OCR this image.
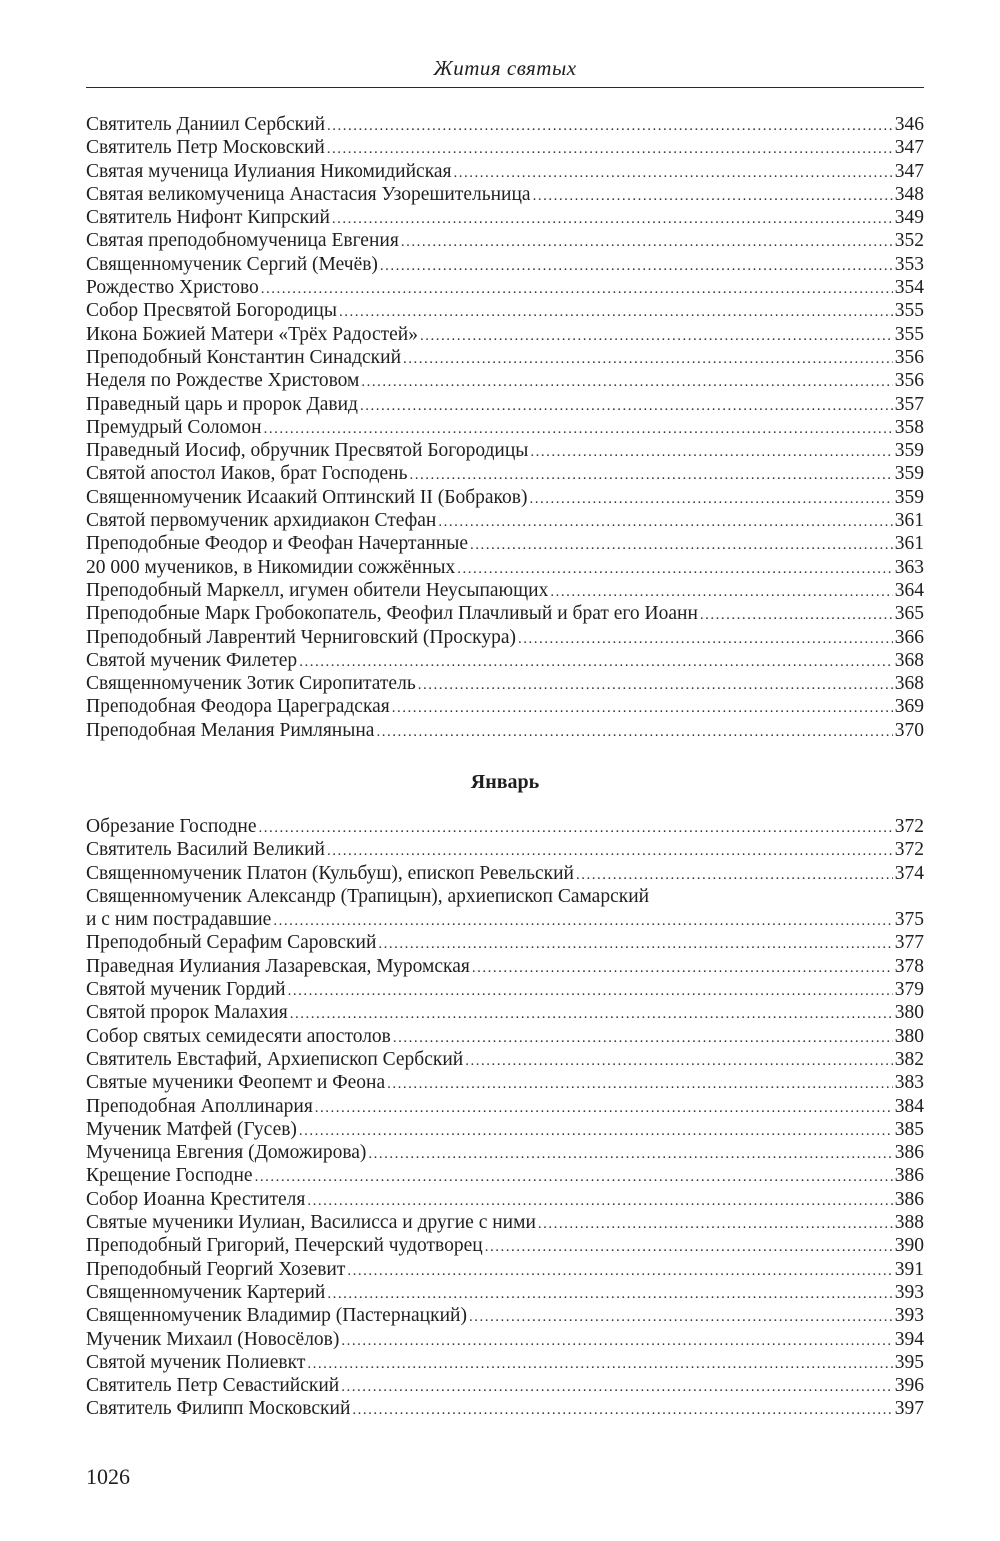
Жития святых
Святитель Даниил Сербский .....	346
Святитель Петр Московский .....	347
Святая мученица Иулиания Никомидийская .....	347
Святая великомученица Анастасия Узорешительница .....	348
Святитель Нифонт Кипрский .....	349
Святая преподобномученица Евгения .....	352
Священномученик Сергий (Мечёв) .....	353
Рождество Христово .....	354
Собор Пресвятой Богородицы .....	355
Икона Божией Матери «Трёх Радостей» .....	355
Преподобный Константин Синадский .....	356
Неделя по Рождестве Христовом .....	356
Праведный царь и пророк Давид .....	357
Премудрый Соломон .....	358
Праведный Иосиф, обручник Пресвятой Богородицы .....	359
Святой апостол Иаков, брат Господень .....	359
Священномученик Исаакий Оптинский II (Бобраков) .....	359
Святой первомученик архидиакон Стефан .....	361
Преподобные Феодор и Феофан Начертанные .....	361
20 000 мучеников, в Никомидии сожжённых .....	363
Преподобный Маркелл, игумен обители Неусыпающих .....	364
Преподобные Марк Гробокопатель, Феофил Плачливый и брат его Иоанн .....	365
Преподобный Лаврентий Черниговский (Проскура) .....	366
Святой мученик Филетер .....	368
Священномученик Зотик Сиропитатель .....	368
Преподобная Феодора Цареградская .....	369
Преподобная Мелания Римлянына .....	370
Январь
Обрезание Господне .....	372
Святитель Василий Великий .....	372
Священномученик Платон (Кульбуш), епископ Ревельский .....	374
Священномученик Александр (Трапицын), архиепископ Самарский
и с ним пострадавшие .....	375
Преподобный Серафим Саровский .....	377
Праведная Иулиания Лазаревская, Муромская .....	378
Святой мученик Гордий .....	379
Святой пророк Малахия .....	380
Собор святых семидесяти апостолов .....	380
Святитель Евстафий, Архиепископ Сербский .....	382
Святые мученики Феопемт и Феона .....	383
Преподобная Аполлинария .....	384
Мученик Матфей (Гусев) .....	385
Мученица Евгения (Доможирова) .....	386
Крещение Господне .....	386
Собор Иоанна Крестителя .....	386
Святые мученики Иулиан, Василисса и другие с ними .....	388
Преподобный Григорий, Печерский чудотворец .....	390
Преподобный Георгий Хозевит .....	391
Священномученик Картерий .....	393
Священномученик Владимир (Пастернацкий) .....	393
Мученик Михаил (Новосёлов) .....	394
Святой мученик Полиевкт .....	395
Святитель Петр Севастийский .....	396
Святитель Филипп Московский .....	397
1026
